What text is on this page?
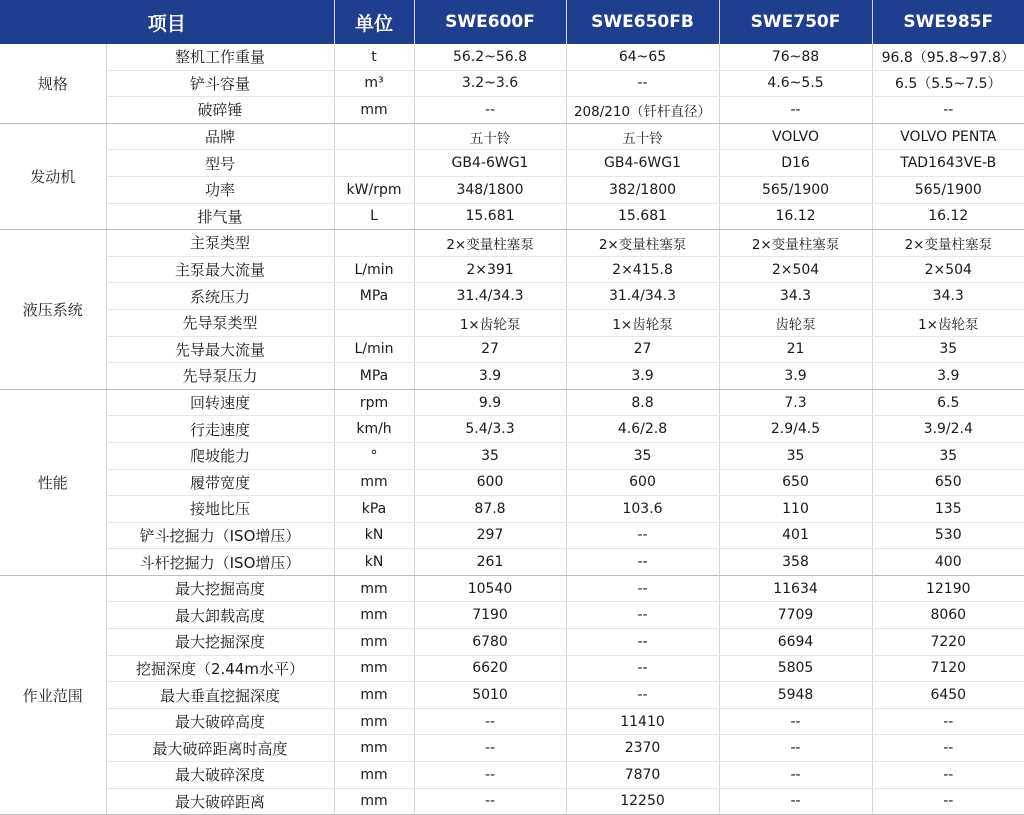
项目		单位	SWE600F	SWE650FB	SWE750F	SWE985F
规格	整机工作重量	t	56.2~56.8	64~65	76~88	96.8（95.8~97.8）
	铲斗容量	m³	3.2~3.6	--	4.6~5.5	6.5（5.5~7.5）
	破碎锤	mm	--	208/210（钎杆直径）	--	--
发动机	品牌		五十铃	五十铃	VOLVO	VOLVO PENTA
	型号		GB4-6WG1	GB4-6WG1	D16	TAD1643VE-B
	功率	kW/rpm	348/1800	382/1800	565/1900	565/1900
	排气量	L	15.681	15.681	16.12	16.12
液压系统	主泵类型		2×变量柱塞泵	2×变量柱塞泵	2×变量柱塞泵	2×变量柱塞泵
	主泵最大流量	L/min	2×391	2×415.8	2×504	2×504
	系统压力	MPa	31.4/34.3	31.4/34.3	34.3	34.3
	先导泵类型		1×齿轮泵	1×齿轮泵	齿轮泵	1×齿轮泵
	先导最大流量	L/min	27	27	21	35
	先导泵压力	MPa	3.9	3.9	3.9	3.9
性能	回转速度	rpm	9.9	8.8	7.3	6.5
	行走速度	km/h	5.4/3.3	4.6/2.8	2.9/4.5	3.9/2.4
	爬坡能力	°	35	35	35	35
	履带宽度	mm	600	600	650	650
	接地比压	kPa	87.8	103.6	110	135
	铲斗挖掘力（ISO增压）	kN	297	--	401	530
	斗杆挖掘力（ISO增压）	kN	261	--	358	400
作业范围	最大挖掘高度	mm	10540	--	11634	12190
	最大卸载高度	mm	7190	--	7709	8060
	最大挖掘深度	mm	6780	--	6694	7220
	挖掘深度（2.44m水平）	mm	6620	--	5805	7120
	最大垂直挖掘深度	mm	5010	--	5948	6450
	最大破碎高度	mm	--	11410	--	--
	最大破碎距离时高度	mm	--	2370	--	--
	最大破碎深度	mm	--	7870	--	--
	最大破碎距离	mm	--	12250	--	--
